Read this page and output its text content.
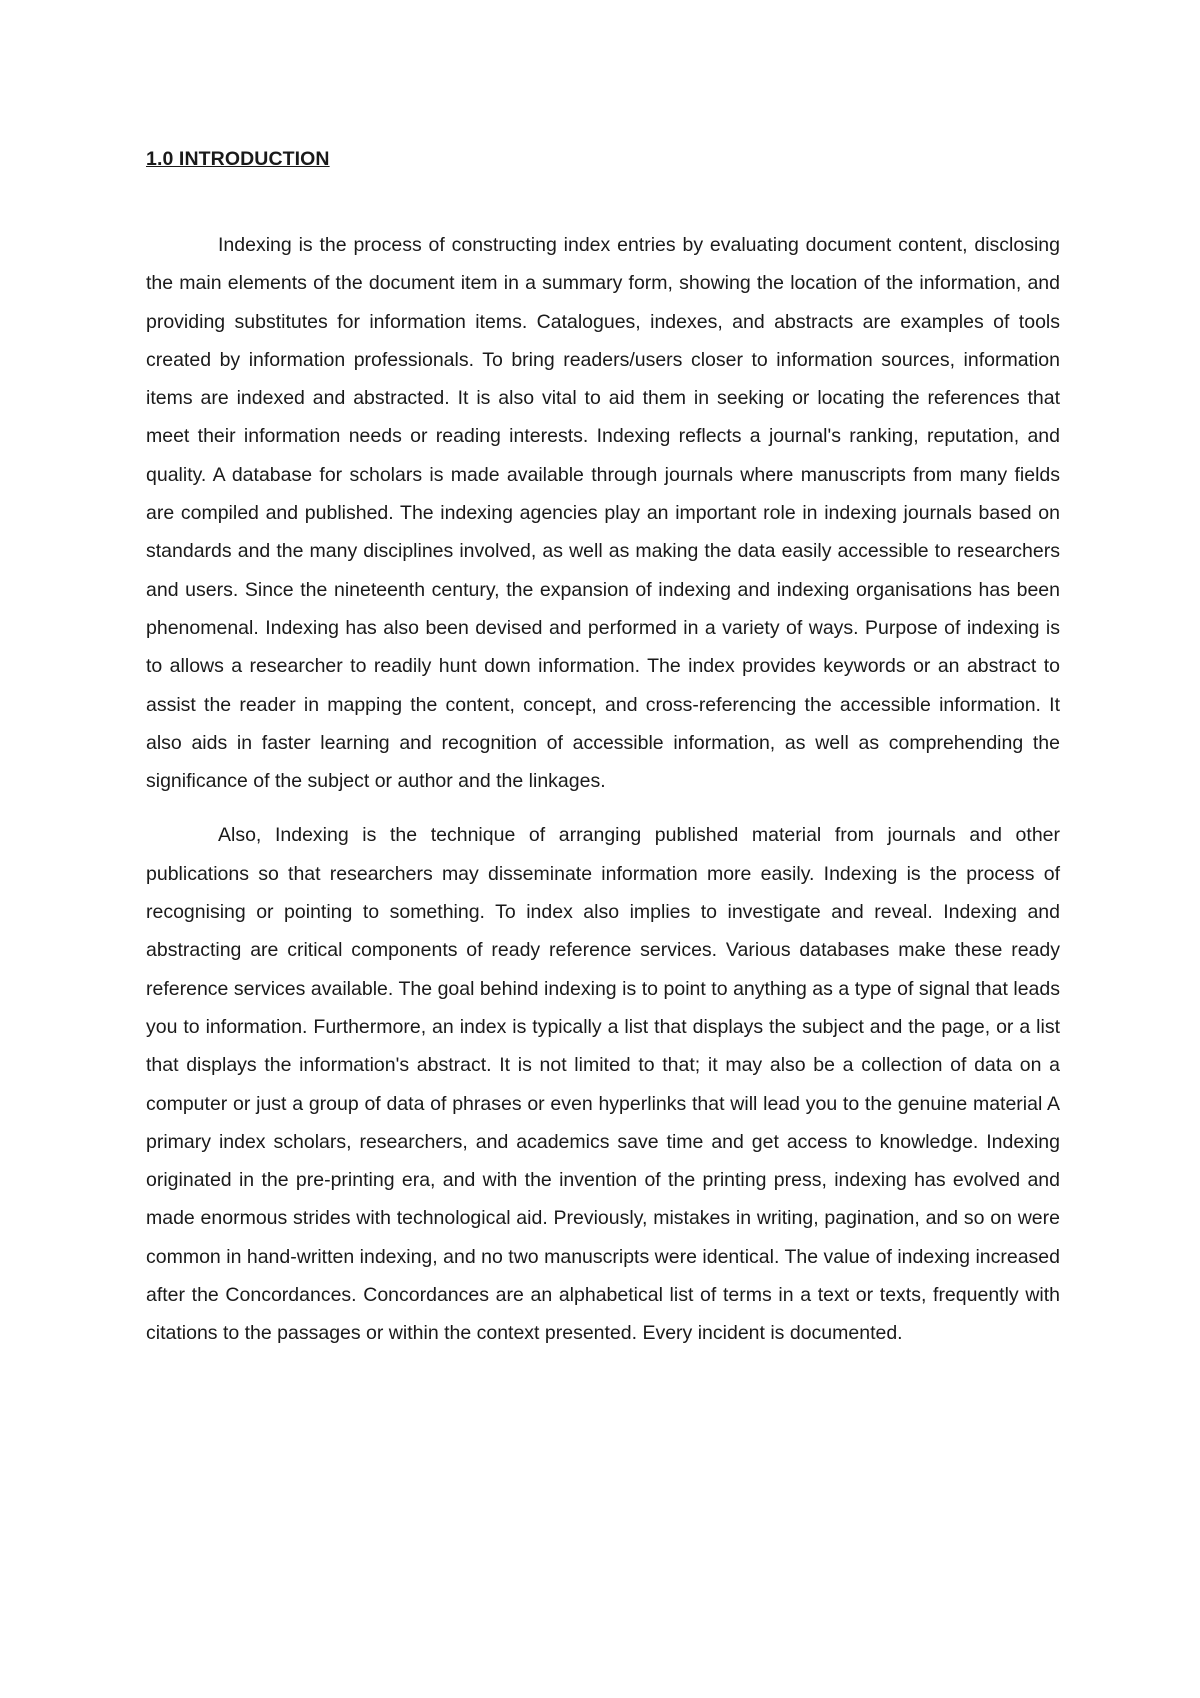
1.0 INTRODUCTION

Indexing is the process of constructing index entries by evaluating document content, disclosing the main elements of the document item in a summary form, showing the location of the information, and providing substitutes for information items. Catalogues, indexes, and abstracts are examples of tools created by information professionals. To bring readers/users closer to information sources, information items are indexed and abstracted. It is also vital to aid them in seeking or locating the references that meet their information needs or reading interests. Indexing reflects a journal's ranking, reputation, and quality. A database for scholars is made available through journals where manuscripts from many fields are compiled and published. The indexing agencies play an important role in indexing journals based on standards and the many disciplines involved, as well as making the data easily accessible to researchers and users. Since the nineteenth century, the expansion of indexing and indexing organisations has been phenomenal. Indexing has also been devised and performed in a variety of ways. Purpose of indexing is to allows a researcher to readily hunt down information. The index provides keywords or an abstract to assist the reader in mapping the content, concept, and cross-referencing the accessible information. It also aids in faster learning and recognition of accessible information, as well as comprehending the significance of the subject or author and the linkages.

Also, Indexing is the technique of arranging published material from journals and other publications so that researchers may disseminate information more easily. Indexing is the process of recognising or pointing to something. To index also implies to investigate and reveal. Indexing and abstracting are critical components of ready reference services. Various databases make these ready reference services available. The goal behind indexing is to point to anything as a type of signal that leads you to information. Furthermore, an index is typically a list that displays the subject and the page, or a list that displays the information's abstract. It is not limited to that; it may also be a collection of data on a computer or just a group of data of phrases or even hyperlinks that will lead you to the genuine material A primary index scholars, researchers, and academics save time and get access to knowledge. Indexing originated in the pre-printing era, and with the invention of the printing press, indexing has evolved and made enormous strides with technological aid. Previously, mistakes in writing, pagination, and so on were common in hand-written indexing, and no two manuscripts were identical. The value of indexing increased after the Concordances. Concordances are an alphabetical list of terms in a text or texts, frequently with citations to the passages or within the context presented. Every incident is documented.
